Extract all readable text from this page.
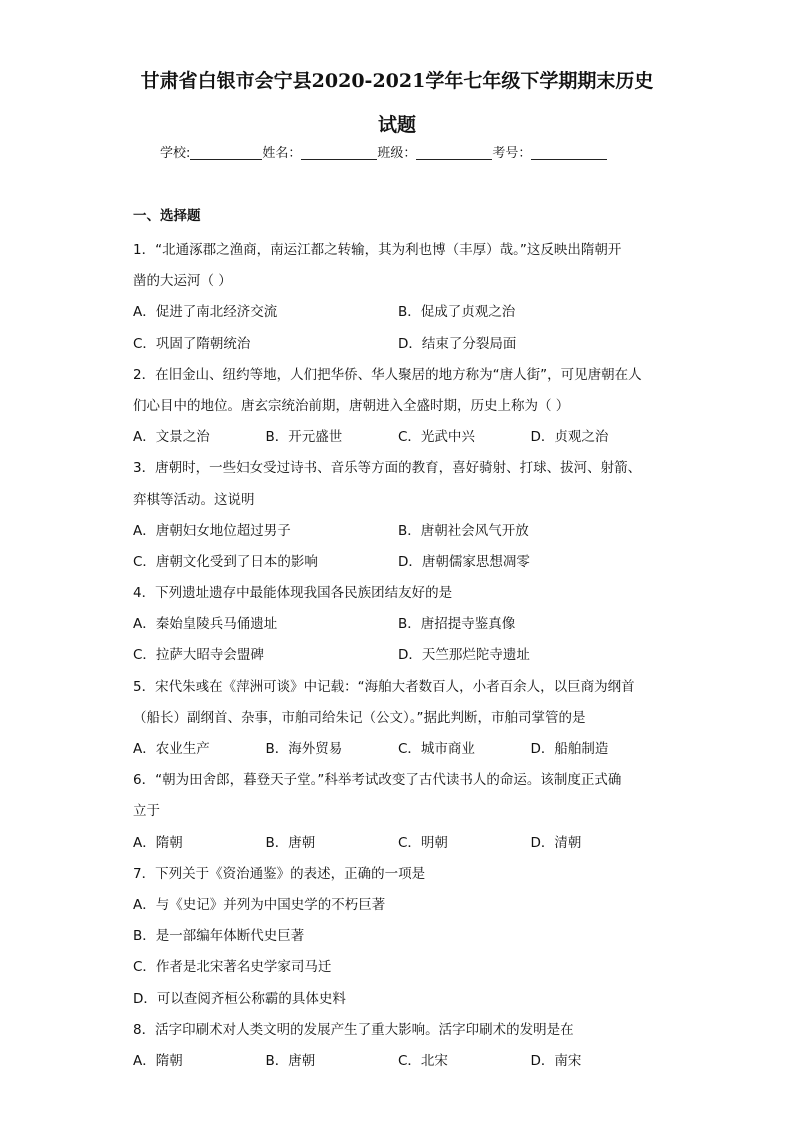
甘肃省白银市会宁县2020-2021学年七年级下学期期末历史
试题
学校:	姓名：	班级：	考号：
一、选择题
1．“北通涿郡之渔商，南运江都之转输，其为利也博（丰厚）哉。”这反映出隋朝开
凿的大运河（ ）
A．促进了南北经济交流	B．促成了贞观之治
C．巩固了隋朝统治	D．结束了分裂局面
2．在旧金山、纽约等地，人们把华侨、华人聚居的地方称为“唐人街”，可见唐朝在人
们心目中的地位。唐玄宗统治前期，唐朝进入全盛时期，历史上称为（ ）
A．文景之治	B．开元盛世	C．光武中兴	D．贞观之治
3．唐朝时，一些妇女受过诗书、音乐等方面的教育，喜好骑射、打球、拔河、射箭、
弈棋等活动。这说明
A．唐朝妇女地位超过男子	B．唐朝社会风气开放
C．唐朝文化受到了日本的影响	D．唐朝儒家思想凋零
4．下列遗址遗存中最能体现我国各民族团结友好的是
A．秦始皇陵兵马俑遗址	B．唐招提寺鉴真像
C．拉萨大昭寺会盟碑	D．天竺那烂陀寺遗址
5．宋代朱彧在《萍洲可谈》中记载：“海舶大者数百人，小者百余人，以巨商为纲首
（船长）副纲首、杂事，市舶司给朱记（公文）。”据此判断，市舶司掌管的是
A．农业生产	B．海外贸易	C．城市商业	D．船舶制造
6．“朝为田舍郎，暮登天子堂。”科举考试改变了古代读书人的命运。该制度正式确
立于
A．隋朝	B．唐朝	C．明朝	D．清朝
7．下列关于《资治通鉴》的表述，正确的一项是
A．与《史记》并列为中国史学的不朽巨著
B．是一部编年体断代史巨著
C．作者是北宋著名史学家司马迁
D．可以查阅齐桓公称霸的具体史料
8．活字印刷术对人类文明的发展产生了重大影响。活字印刷术的发明是在
A．隋朝	B．唐朝	C．北宋	D．南宋
